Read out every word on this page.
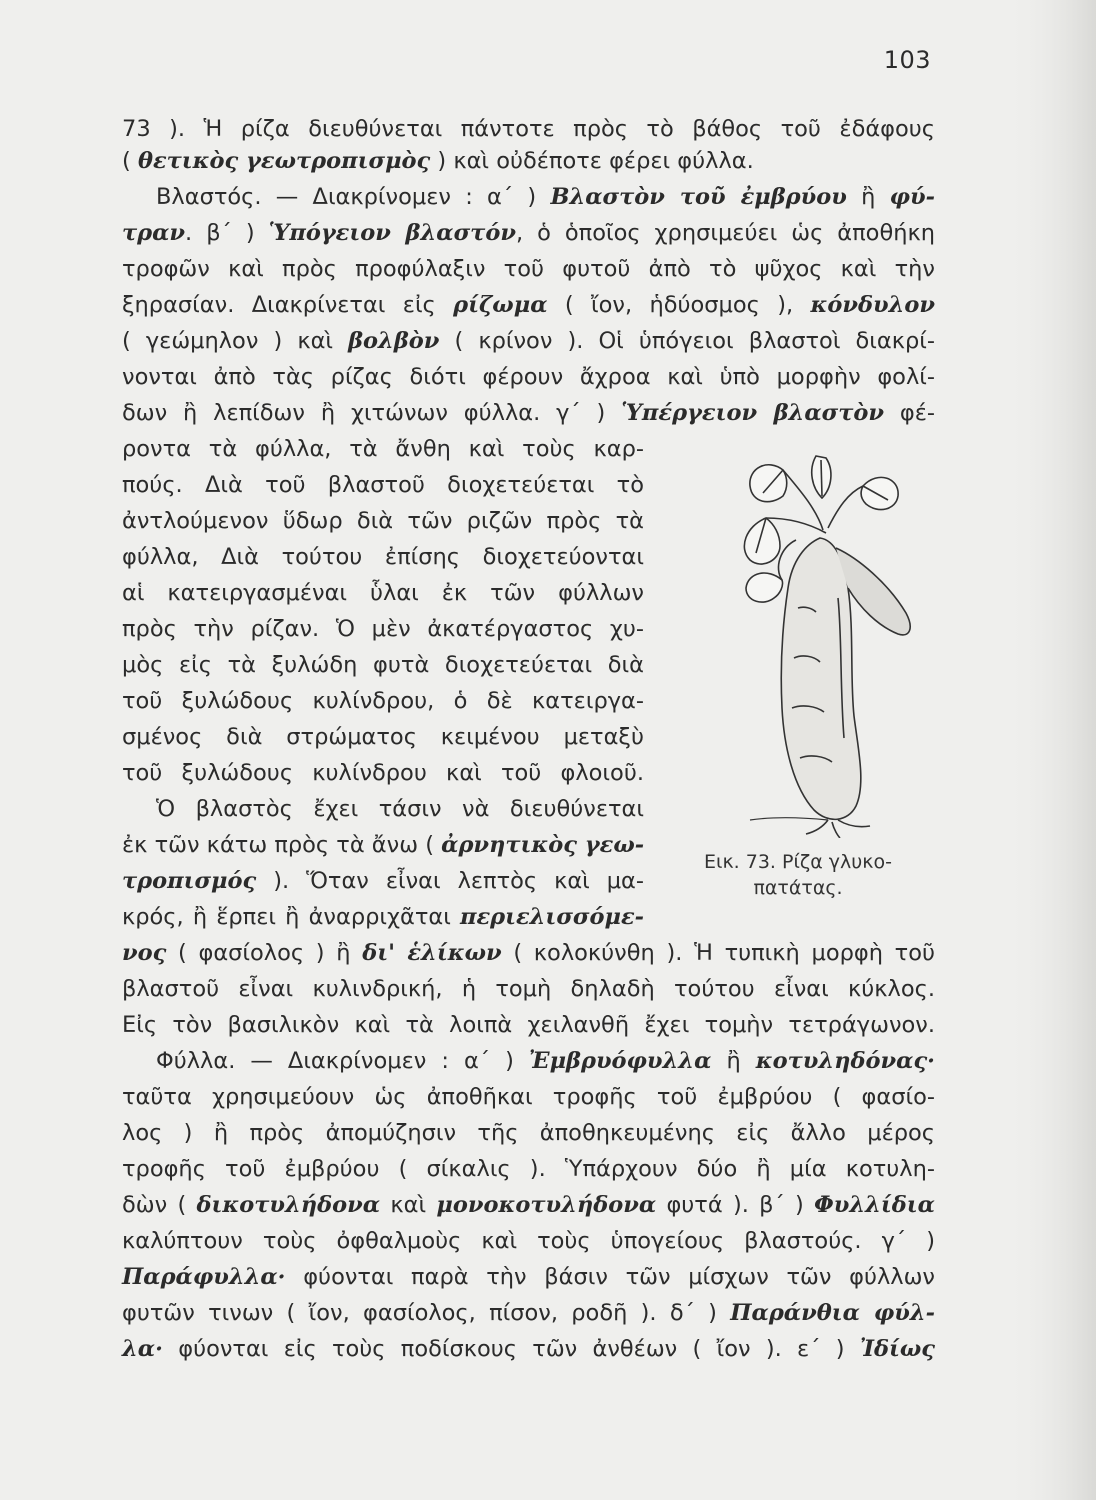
103
73 ). Ἡ ρίζα διευθύνεται πάντοτε πρὸς τὸ βάθος τοῦ ἐδάφους
( θετικὸς γεωτροπισμὸς ) καὶ οὐδέποτε φέρει φύλλα.
Βλαστός. — Διακρίνομεν : α΄ ) Βλαστὸν τοῦ ἐμβρύου ἢ φύ-
τραν. β΄ ) Ὑπόγειον βλαστόν, ὁ ὁποῖος χρησιμεύει ὡς ἀποθήκη
τροφῶν καὶ πρὸς προφύλαξιν τοῦ φυτοῦ ἀπὸ τὸ ψῦχος καὶ τὴν
ξηρασίαν. Διακρίνεται εἰς ρίζωμα ( ἴον, ἡδύοσμος ), κόνδυλον
( γεώμηλον ) καὶ βολβὸν ( κρίνον ). Οἱ ὑπόγειοι βλαστοὶ διακρί-
νονται ἀπὸ τὰς ρίζας διότι φέρουν ἄχροα καὶ ὑπὸ μορφὴν φολί-
δων ἢ λεπίδων ἢ χιτώνων φύλλα. γ΄ ) Ὑπέργειον βλαστὸν φέ-
ροντα τὰ φύλλα, τὰ ἄνθη καὶ τοὺς καρ-
πούς. Διὰ τοῦ βλαστοῦ διοχετεύεται τὸ
ἀντλούμενον ὕδωρ διὰ τῶν ριζῶν πρὸς τὰ
φύλλα, Διὰ τούτου ἐπίσης διοχετεύονται
αἱ κατειργασμέναι ὗλαι ἐκ τῶν φύλλων
πρὸς τὴν ρίζαν. Ὁ μὲν ἀκατέργαστος χυ-
μὸς εἰς τὰ ξυλώδη φυτὰ διοχετεύεται διὰ
τοῦ ξυλώδους κυλίνδρου, ὁ δὲ κατειργα-
σμένος διὰ στρώματος κειμένου μεταξὺ
τοῦ ξυλώδους κυλίνδρου καὶ τοῦ φλοιοῦ.
Ὁ βλαστὸς ἔχει τάσιν νὰ διευθύνεται
ἐκ τῶν κάτω πρὸς τὰ ἄνω ( ἀρνητικὸς γεω-
τροπισμός ). Ὅταν εἶναι λεπτὸς καὶ μα-
κρός, ἢ ἕρπει ἢ ἀναρριχᾶται περιελισσόμε-
νος ( φασίολος ) ἢ δι' ἑλίκων ( κολοκύνθη ). Ἡ τυπικὴ μορφὴ τοῦ
βλαστοῦ εἶναι κυλινδρική, ἡ τομὴ δηλαδὴ τούτου εἶναι κύκλος.
Εἰς τὸν βασιλικὸν καὶ τὰ λοιπὰ χειλανθῆ ἔχει τομὴν τετράγωνον.
Φύλλα. — Διακρίνομεν : α΄ ) Ἐμβρυόφυλλα ἢ κοτυληδόνας·
ταῦτα χρησιμεύουν ὡς ἀποθῆκαι τροφῆς τοῦ ἐμβρύου ( φασίο-
λος ) ἢ πρὸς ἀπομύζησιν τῆς ἀποθηκευμένης εἰς ἄλλο μέρος
τροφῆς τοῦ ἐμβρύου ( σίκαλις ). Ὑπάρχουν δύο ἢ μία κοτυλη-
δὼν ( δικοτυλήδονα καὶ μονοκοτυλήδονα φυτά ). β΄ ) Φυλλίδια
καλύπτουν τοὺς ὀφθαλμοὺς καὶ τοὺς ὑπογείους βλαστούς. γ΄ )
Παράφυλλα· φύονται παρὰ τὴν βάσιν τῶν μίσχων τῶν φύλλων
φυτῶν τινων ( ἴον, φασίολος, πίσον, ροδῆ ). δ΄ ) Παράνθια φύλ-
λα· φύονται εἰς τοὺς ποδίσκους τῶν ἀνθέων ( ἴον ). ε΄ ) Ἰδίως
Εικ. 73. Ρίζα γλυκο-
πατάτας.
